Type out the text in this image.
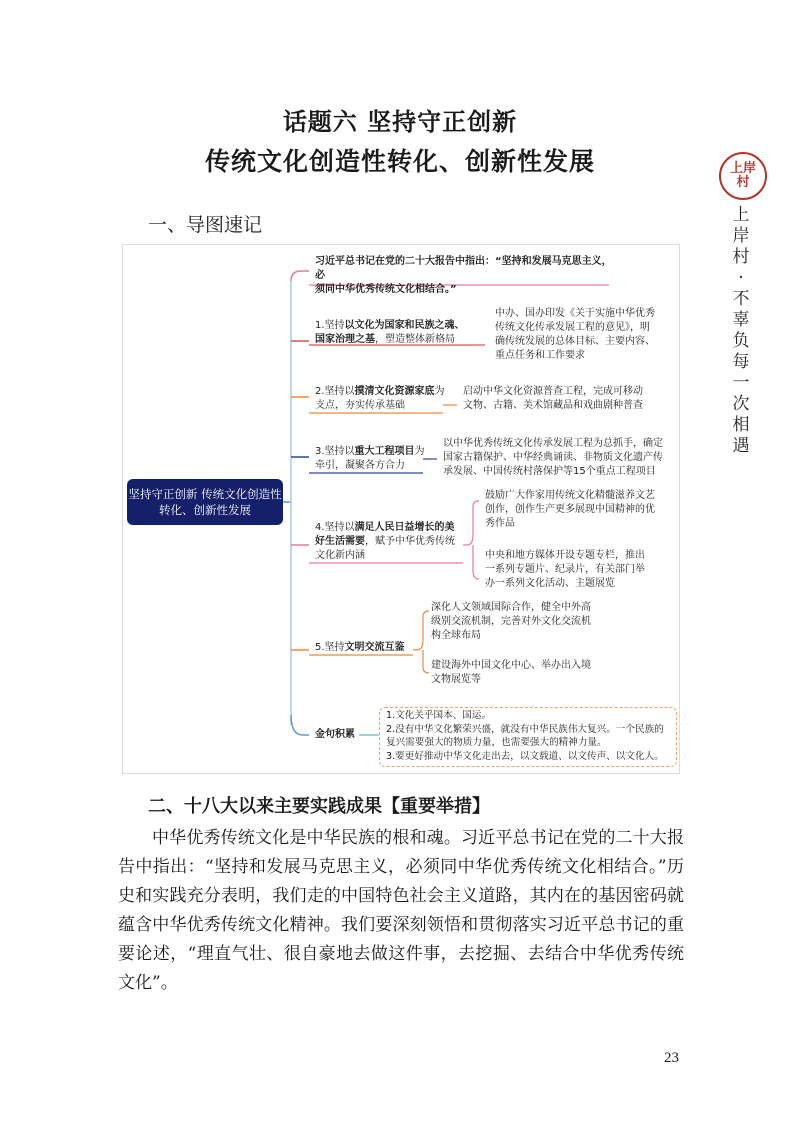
话题六 坚持守正创新
传统文化创造性转化、创新性发展	上岸村
上岸村·不辜负每一次相遇
一、导图速记
坚持守正创新 传统文化创造性转化、创新性发展
习近平总书记在党的二十大报告中指出：“坚持和发展马克思主义，必
须同中华优秀传统文化相结合。”
1.坚持以文化为国家和民族之魂、国家治理之基，塑造整体新格局
中办、国办印发《关于实施中华优秀
传统文化传承发展工程的意见》，明
确传统发展的总体目标、主要内容、
重点任务和工作要求
2.坚持以摸清文化资源家底为支点，夯实传承基础
启动中华文化资源普查工程，完成可移动
文物、古籍、美术馆藏品和戏曲剧种普查
3.坚持以重大工程项目为牵引，凝聚各方合力
以中华优秀传统文化传承发展工程为总抓手，确定
国家古籍保护、中华经典诵读、非物质文化遗产传
承发展、中国传统村落保护等15个重点工程项目
4.坚持以满足人民日益增长的美好生活需要，赋予中华优秀传统文化新内涵
鼓励广大作家用传统文化精髓滋养文艺
创作，创作生产更多展现中国精神的优
秀作品
中央和地方媒体开设专题专栏，推出
一系列专题片、纪录片，有关部门举
办一系列文化活动、主题展览
5.坚持文明交流互鉴
深化人文领域国际合作，健全中外高
级别交流机制，完善对外文化交流机
构全球布局
建设海外中国文化中心、举办出入境
文物展览等
金句积累
1.文化关乎国本、国运。
2.没有中华文化繁荣兴盛，就没有中华民族伟大复兴。一个民族的
复兴需要强大的物质力量，也需要强大的精神力量。
3.要更好推动中华文化走出去，以文载道、以文传声、以文化人。
二、十八大以来主要实践成果【重要举措】
中华优秀传统文化是中华民族的根和魂。习近平总书记在党的二十大报告中指出：“坚持和发展马克思主义，必须同中华优秀传统文化相结合。”历史和实践充分表明，我们走的中国特色社会主义道路，其内在的基因密码就蕴含中华优秀传统文化精神。我们要深刻领悟和贯彻落实习近平总书记的重要论述，“理直气壮、很自豪地去做这件事，去挖掘、去结合中华优秀传统文化”。
23
